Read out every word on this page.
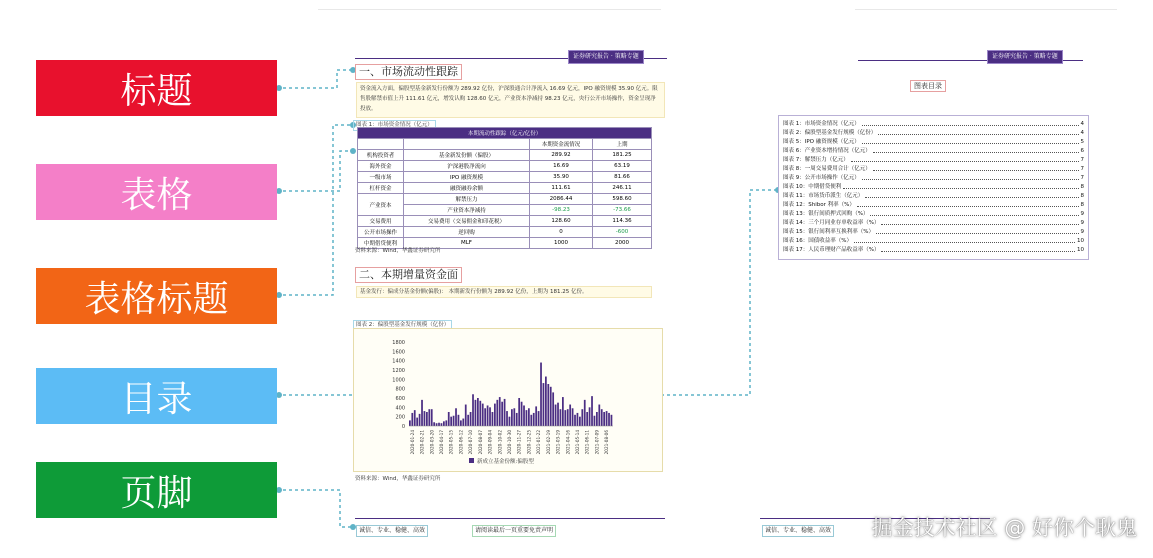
标题
表格
表格标题
目录
页脚
证券研究报告 · 策略专题
一、市场流动性跟踪
资金流入方面，偏股型基金新发行份额为 289.92 亿份，沪深股通合计净流入 16.69 亿元，IPO 融资规模 35.90 亿元。限售股解禁市值上升 111.61 亿元，增发认购 128.60 亿元，产业资本净减持 98.23 亿元，央行公开市场操作，资金呈现净投放。
图表 1：市场资金情况（亿元）
本期流动性跟踪（亿元/亿份）			
		本期资金流情况	上期
机构投资者	基金新发份额（偏股）	289.92	181.25
海外资金	沪深港股净流向	16.69	63.19
一级市场	IPO 融资规模	35.90	81.66
杠杆资金	融资融券余额	111.61	246.11
产业资本	解禁压力	2086.44	598.60
	产业资本净减持	-98.23	-73.66
交易费用	交易费用（交易佣金和印花税）	128.60	114.36
公开市场操作	逆回购	0	-600
中期借贷便利	MLF	1000	2000
资料来源：Wind，华鑫证券研究所
二、本期增量资金面
基金发行：偏成分基金份额(偏股)： 本期新发行份额为 289.92 亿份，上期为 181.25 亿份。
图表 2：偏股型基金发行规模（亿份）
0
200
400
600
800
1000
1200
1400
1600
1800
2020-01-24 2020-02-21 2020-03-20 2020-04-17 2020-05-15 2020-06-12 2020-07-10 2020-08-07 2020-09-04 2020-10-02 2020-10-30 2020-11-27 2020-12-25 2021-01-22 2021-02-19 2021-03-19 2021-04-16 2021-05-14 2021-06-11 2021-07-09 2021-08-06
新成立基金份额:偏股型
资料来源：Wind，华鑫证券研究所
诚信、专业、稳健、高效	请阅读最后一页重要免责声明
证券研究报告 · 策略专题
图表目录
图表 1：市场资金情况（亿元）	4
图表 2：偏股型基金发行规模（亿份）	4
图表 5：IPO 融资规模（亿元）	5
图表 6：产业资本增持情况（亿元）	6
图表 7：解禁压力（亿元）	7
图表 8：一周交易费用合计（亿元）	7
图表 9：公开市场操作（亿元）	7
图表 10：中期借贷便利	8
图表 11：市场货币派生（亿元）	8
图表 12：Shibor 利率（%）	8
图表 13：银行间质押式回购（%）	9
图表 14：三个月同业存单收益率（%）	9
图表 15：银行间利率互换利率（%）	9
图表 16：国债收益率（%）	10
图表 17：人民币理财产品收益率（%）	10
诚信、专业、稳健、高效 掘金技术社区 @ 好你个耿鬼
